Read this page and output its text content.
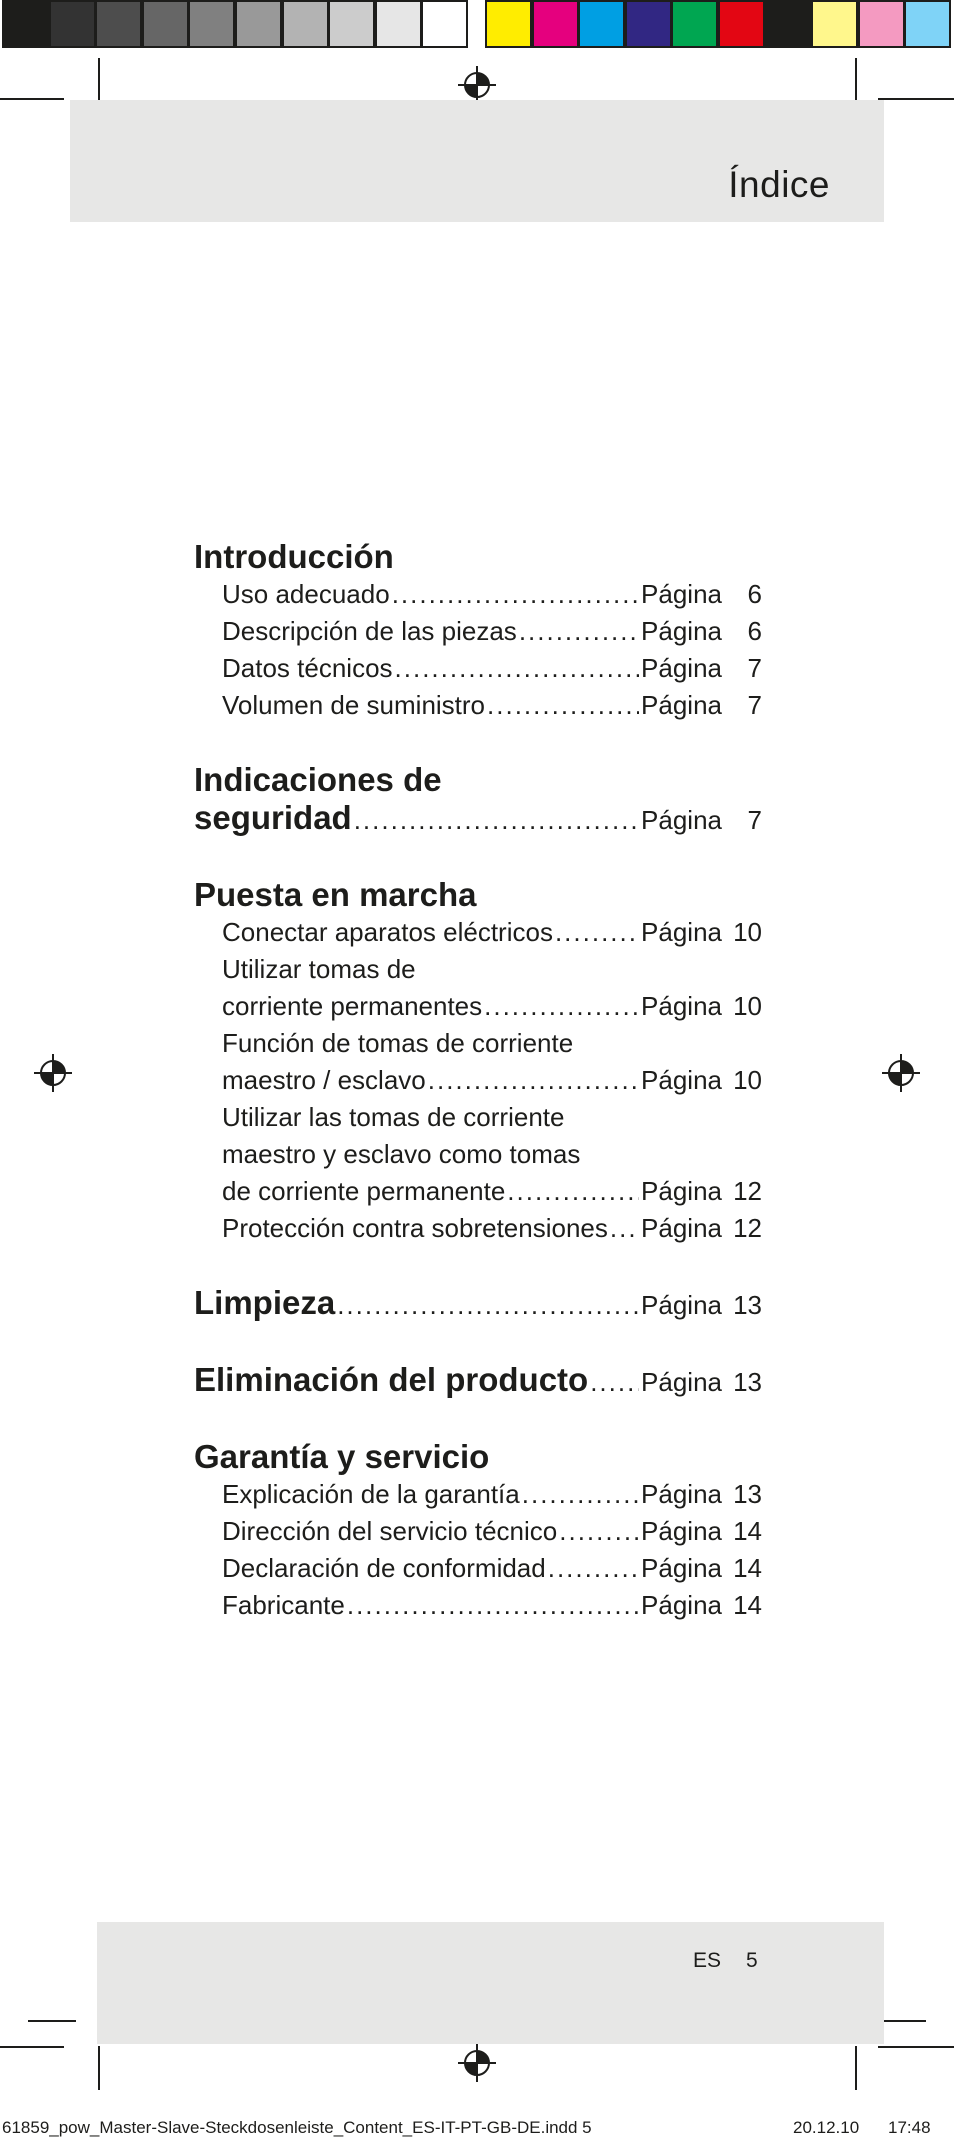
Índice
Introducción
Uso adecuado .....	Página 6
Descripción de las piezas .....	Página 6
Datos técnicos .....	Página 7
Volumen de suministro .....	Página 7
Indicaciones de
seguridad .....	Página 7
Puesta en marcha
Conectar aparatos eléctricos .....	Página 10
Utilizar tomas de
corriente permanentes .....	Página 10
Función de tomas de corriente
maestro / esclavo .....	Página 10
Utilizar las tomas de corriente
maestro y esclavo como tomas
de corriente permanente .....	Página 12
Protección contra sobretensiones ..... Página 12
Limpieza .....	Página 13
Eliminación del producto ..... Página 13
Garantía y servicio
Explicación de la garantía .....	Página 13
Dirección del servicio técnico .....	Página 14
Declaración de conformidad .....	Página 14
Fabricante .....	Página 14
ES 5
61859_pow_Master-Slave-Steckdosenleiste_Content_ES-IT-PT-GB-DE.indd 5	20.12.10 17:48
